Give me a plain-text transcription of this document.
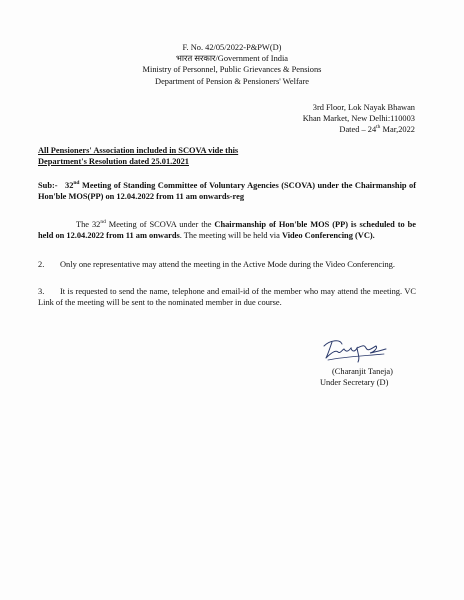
F. No. 42/05/2022-P&PW(D)
भारत सरकार/Government of India
Ministry of Personnel, Public Grievances & Pensions
Department of Pension & Pensioners' Welfare
3rd Floor, Lok Nayak Bhawan
Khan Market, New Delhi:110003
Dated – 24th Mar,2022
All Pensioners' Association included in SCOVA vide this
Department's Resolution dated 25.01.2021
Sub:- 32nd Meeting of Standing Committee of Voluntary Agencies (SCOVA) under the Chairmanship of Hon'ble MOS(PP) on 12.04.2022 from 11 am onwards-reg
The 32nd Meeting of SCOVA under the Chairmanship of Hon'ble MOS (PP) is scheduled to be held on 12.04.2022 from 11 am onwards. The meeting will be held via Video Conferencing (VC).
2. Only one representative may attend the meeting in the Active Mode during the Video Conferencing.
3. It is requested to send the name, telephone and email-id of the member who may attend the meeting. VC Link of the meeting will be sent to the nominated member in due course.
(Charanjit Taneja)
Under Secretary (D)
